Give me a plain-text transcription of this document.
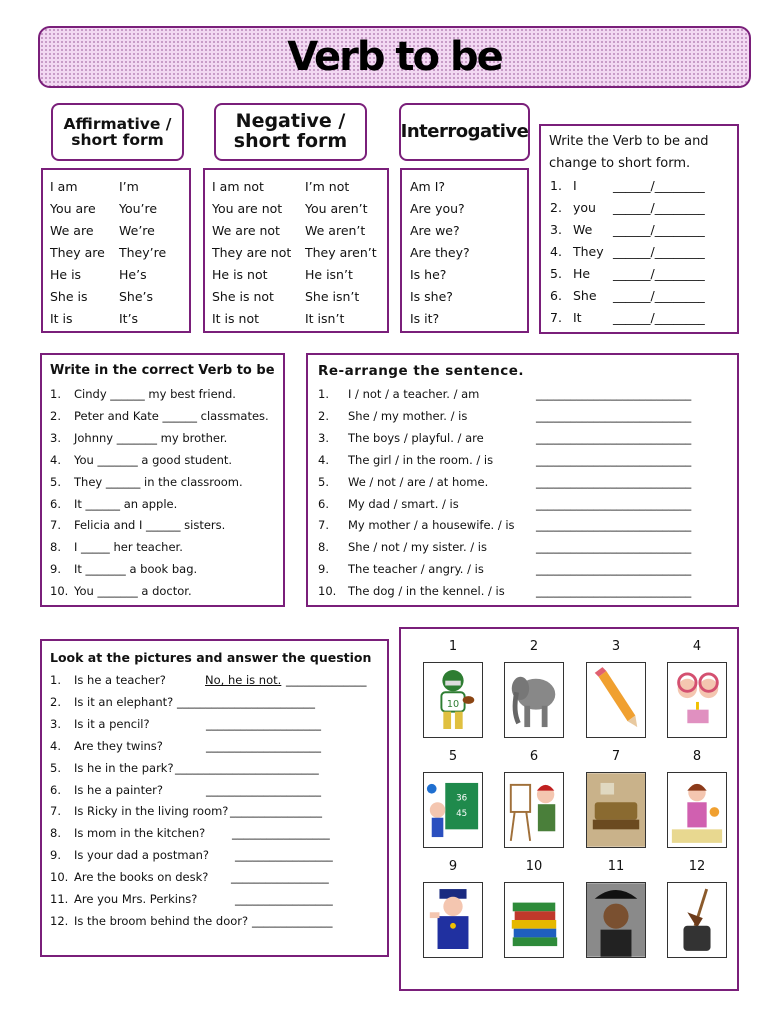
Verb to be
Affirmative / short form
Negative / short form	Interrogative
I am	I’m
You are You’re
We are We’re
They are They’re
He is	He’s
She is	She’s
It is	It’s
I am not	I’m not
You are not You aren’t
We are not We aren’t
They are not They aren’t
He is not	He isn’t
She is not She isn’t
It is not	It isn’t
Am I?
Are you?
Are we?
Are they?
Is he?
Is she?
Is it?
Write the Verb to be and
change to short form.
1. I	______/________
2. you ______/________
3. We ______/________
4. They ______/________
5. He ______/________
6. She ______/________
7. It	______/________
Write in the correct Verb to be
1. Cindy ______ my best friend.
2. Peter and Kate ______ classmates.
3. Johnny _______ my brother.
4. You _______ a good student.
5. They ______ in the classroom.
6. It ______ an apple.
7. Felicia and I ______ sisters.
8. I _____ her teacher.
9. It _______ a book bag.
10. You _______ a doctor.
Re-arrange the sentence.
1. I / not / a teacher. / am	___________________________
2. She / my mother. / is	___________________________
3. The boys / playful. / are	___________________________
4. The girl / in the room. / is	___________________________
5. We / not / are / at home.	___________________________
6. My dad / smart. / is	___________________________
7. My mother / a housewife. / is ___________________________
8. She / not / my sister. / is	___________________________
9. The teacher / angry. / is	___________________________
10. The dog / in the kennel. / is	___________________________
Look at the pictures and answer the question
1. Is he a teacher?	No, he is not. ______________
2. Is it an elephant? ________________________
3. Is it a pencil?	____________________
4. Are they twins?	____________________
5. Is he in the park? _________________________
6. Is he a painter?	____________________
7. Is Ricky in the living room? ________________
8. Is mom in the kitchen? _________________
9. Is your dad a postman? _________________
10. Are the books on desk? _________________
11. Are you Mrs. Perkins?	_________________
12. Is the broom behind the door? ______________
1
10
2	3	4
5
36
45
6	7	8
9	10	11	12
